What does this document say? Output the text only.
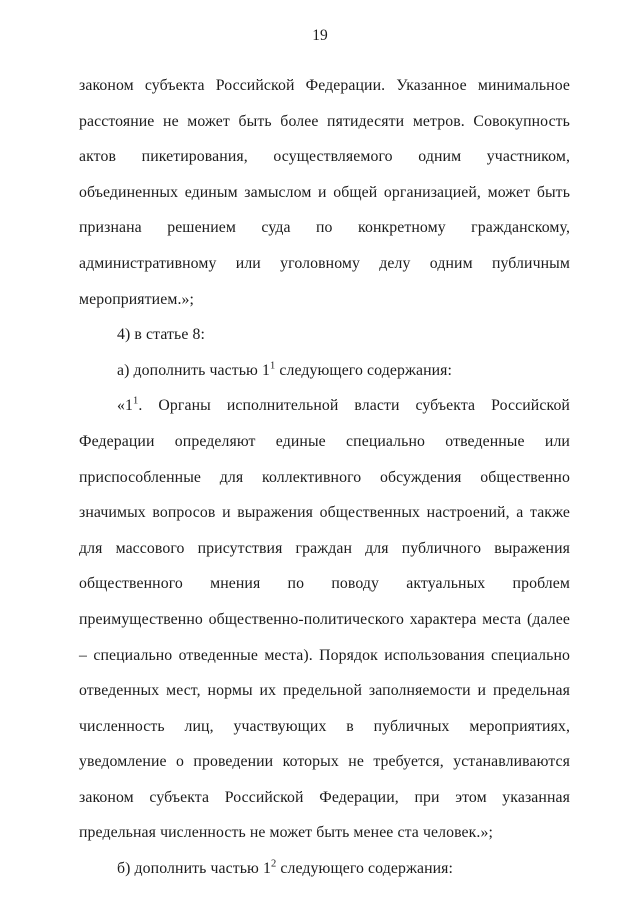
19

законом субъекта Российской Федерации. Указанное минимальное расстояние не может быть более пятидесяти метров. Совокупность актов пикетирования, осуществляемого одним участником, объединенных единым замыслом и общей организацией, может быть признана решением суда по конкретному гражданскому, административному или уголовному делу одним публичным мероприятием.»;

4) в статье 8:

а) дополнить частью $1^1$ следующего содержания:

«$1^1$. Органы исполнительной власти субъекта Российской Федерации определяют единые специально отведенные или приспособленные для коллективного обсуждения общественно значимых вопросов и выражения общественных настроений, а также для массового присутствия граждан для публичного выражения общественного мнения по поводу актуальных проблем преимущественно общественно-политического характера места (далее – специально отведенные места). Порядок использования специально отведенных мест, нормы их предельной заполняемости и предельная численность лиц, участвующих в публичных мероприятиях, уведомление о проведении которых не требуется, устанавливаются законом субъекта Российской Федерации, при этом указанная предельная численность не может быть менее ста человек.»;

б) дополнить частью $1^2$ следующего содержания:
